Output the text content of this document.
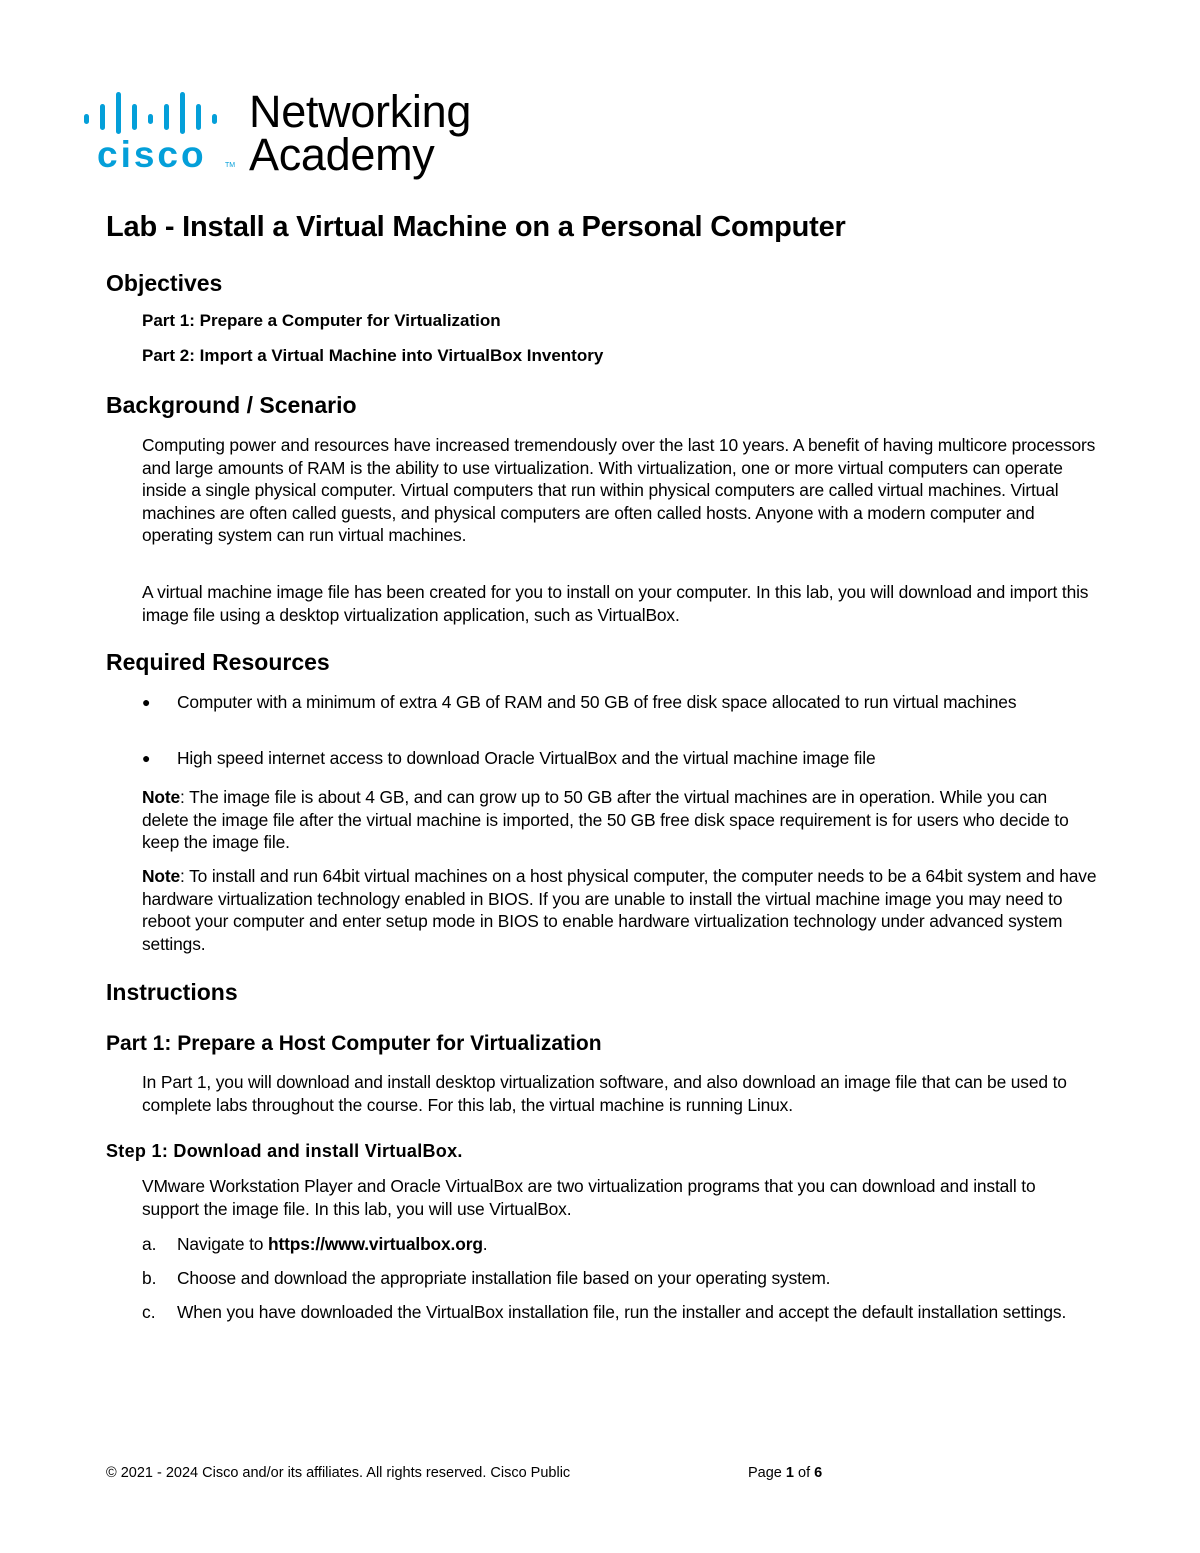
cisco	TM
Networking
Academy
Lab - Install a Virtual Machine on a Personal Computer
Objectives
Part 1: Prepare a Computer for Virtualization
Part 2: Import a Virtual Machine into VirtualBox Inventory
Background / Scenario

Computing power and resources have increased tremendously over the last 10 years. A benefit of having multicore processors and large amounts of RAM is the ability to use virtualization. With virtualization, one or more virtual computers can operate inside a single physical computer. Virtual computers that run within physical computers are called virtual machines. Virtual machines are often called guests, and physical computers are often called hosts. Anyone with a modern computer and operating system can run virtual machines.

A virtual machine image file has been created for you to install on your computer. In this lab, you will download and import this image file using a desktop virtualization application, such as VirtualBox.

Required Resources
● Computer with a minimum of extra 4 GB of RAM and 50 GB of free disk space allocated to run virtual machines
● High speed internet access to download Oracle VirtualBox and the virtual machine image file

Note: The image file is about 4 GB, and can grow up to 50 GB after the virtual machines are in operation. While you can delete the image file after the virtual machine is imported, the 50 GB free disk space requirement is for users who decide to keep the image file.

Note: To install and run 64bit virtual machines on a host physical computer, the computer needs to be a 64bit system and have hardware virtualization technology enabled in BIOS. If you are unable to install the virtual machine image you may need to reboot your computer and enter setup mode in BIOS to enable hardware virtualization technology under advanced system settings.

Instructions
Part 1: Prepare a Host Computer for Virtualization

In Part 1, you will download and install desktop virtualization software, and also download an image file that can be used to complete labs throughout the course. For this lab, the virtual machine is running Linux.

Step 1: Download and install VirtualBox.

VMware Workstation Player and Oracle VirtualBox are two virtualization programs that you can download and install to support the image file. In this lab, you will use VirtualBox.

a. Navigate to https://www.virtualbox.org.
b. Choose and download the appropriate installation file based on your operating system.
c. When you have downloaded the VirtualBox installation file, run the installer and accept the default installation settings.
© 2021 - 2024 Cisco and/or its affiliates. All rights reserved. Cisco Public	Page 1 of 6
